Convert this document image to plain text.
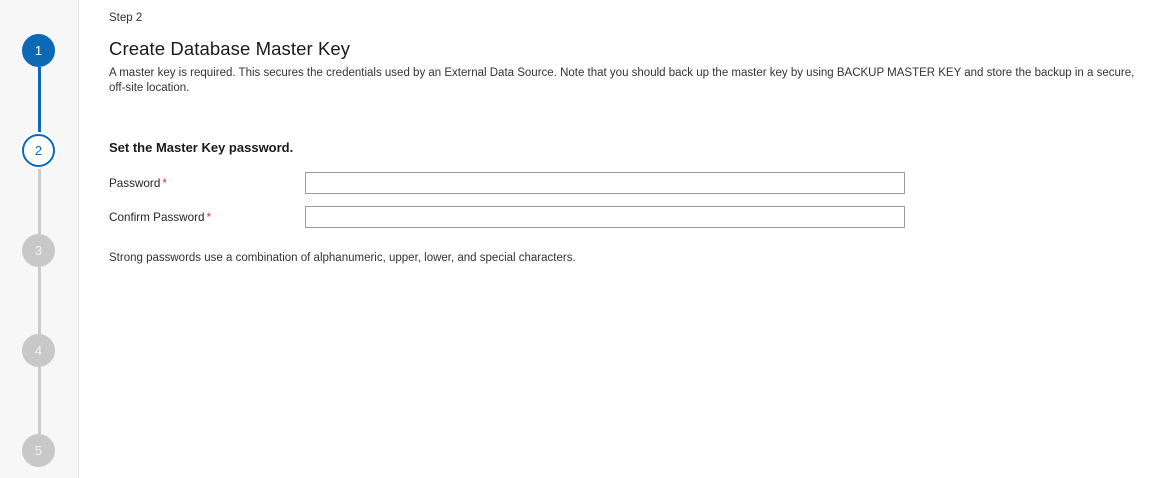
1
2
3
4
5
Step 2
Create Database Master Key

A master key is required. This secures the credentials used by an External Data Source. Note that you should back up the master key by using BACKUP MASTER KEY and store the backup in a secure, off-site location.

Set the Master Key password.
Password *
Confirm Password *

Strong passwords use a combination of alphanumeric, upper, lower, and special characters.
